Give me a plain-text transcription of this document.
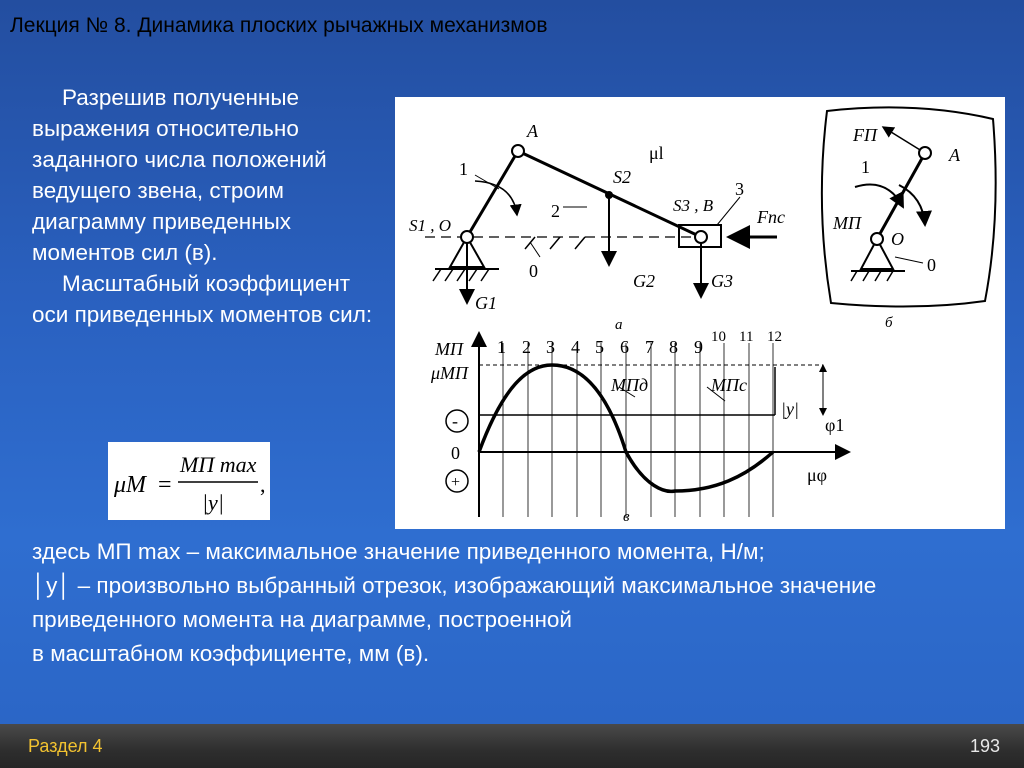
Лекция № 8. Динамика плоских рычажных механизмов

Разрешив полученные выражения относительно заданного числа положений ведущего звена, строим диаграмму приведенных моментов сил (в).

Масштабный коэффициент оси приведенных моментов сил:

μM =
MП max
|y|
,
A
μl
1
2
3
S2
S3 , B
S1 , O
0
Fпс
G1
G2	G3
а
FП
1
A
MП
O
0
б
MП
μMП
1 2 3 4 5 6 7 8 9 10 11 12
-
0
+
MПд	MПс
|y|
φ1
μφ
в

здесь MП max – максимальное значение приведенного момента, Н/м;

│y│ – произвольно выбранный отрезок, изображающий максимальное значение приведенного момента на диаграмме, построенной

в масштабном коэффициенте, мм (в).

Раздел 4	193
